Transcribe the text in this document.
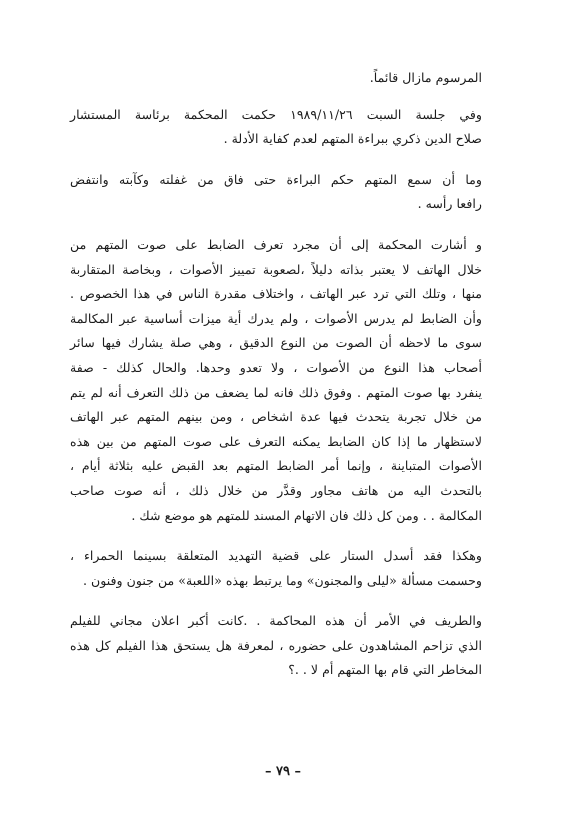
المرسوم مازال قائماً.

وفي جلسة السبت ١٩٨٩/١١/٢٦ حكمت المحكمة برئاسة المستشار
صلاح الدين ذكري ببراءة المتهم لعدم كفاية الأدلة .

وما أن سمع المتهم حكم البراءة حتى فاق من غفلته وكآبته وانتفض
رافعا رأسه .

و أشارت المحكمة إلى أن مجرد تعرف الضابط على صوت المتهم من
خلال الهاتف لا يعتبر بذاته دليلاً ،لصعوبة تمييز الأصوات ، وبخاصة المتقاربة
منها ، وتلك التي ترد عبر الهاتف ، واختلاف مقدرة الناس في هذا الخصوص .
وأن الضابط لم يدرس الأصوات ، ولم يدرك أية ميزات أساسية عبر المكالمة
سوى ما لاحظه أن الصوت من النوع الدقيق ، وهي صلة يشارك فيها سائر
أصحاب هذا النوع من الأصوات ، ولا تعدو وحدها. والحال كذلك - صفة
ينفرد بها صوت المتهم . وفوق ذلك فانه لما يضعف من ذلك التعرف أنه لم يتم
من خلال تجربة يتحدث فيها عدة اشخاص ، ومن بينهم المتهم عبر الهاتف
لاستظهار ما إذا كان الضابط يمكنه التعرف على صوت المتهم من بين هذه
الأصوات المتباينة ، وإنما أمر الضابط المتهم بعد القبض عليه بثلاثة أيام ،
بالتحدث اليه من هاتف مجاور وقدَّر من خلال ذلك ، أنه صوت صاحب
المكالمة . . ومن كل ذلك فان الاتهام المسند للمتهم هو موضع شك .

وهكذا فقد أسدل الستار على قضية التهديد المتعلقة بسينما الحمراء ،
وحسمت مسألة «ليلى والمجنون» وما يرتبط بهذه «اللعبة» من جنون وفنون .

والطريف في الأمر أن هذه المحاكمة . .كانت أكبر اعلان مجاني للفيلم
الذي تزاحم المشاهدون على حضوره ، لمعرفة هل يستحق هذا الفيلم كل هذه
المخاطر التي قام بها المتهم أم لا . .؟

– ٧٩ –
